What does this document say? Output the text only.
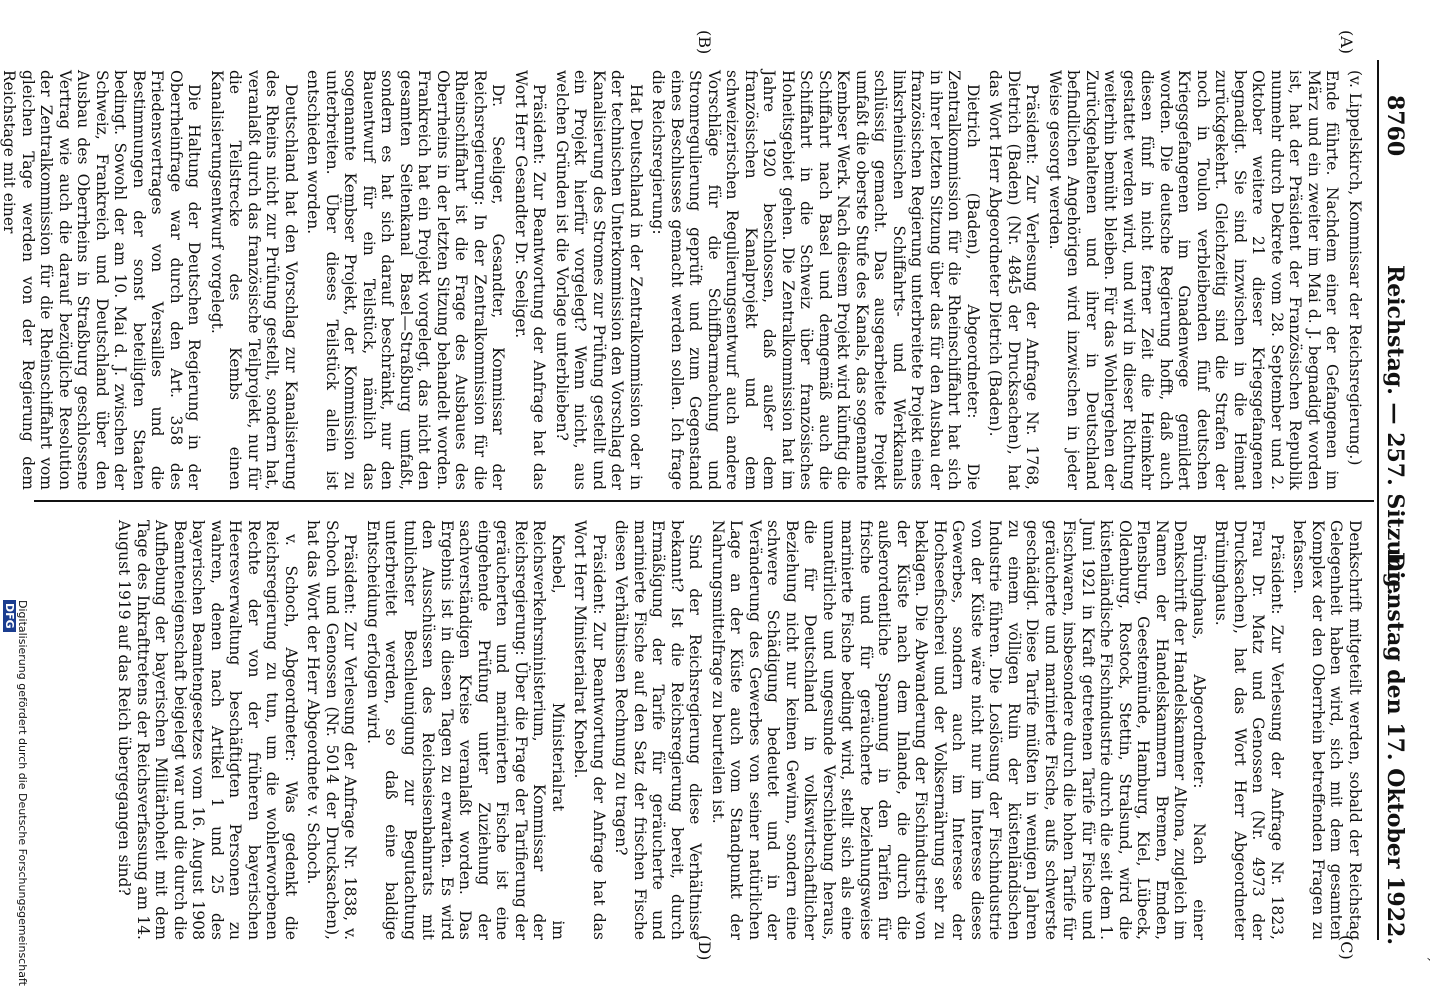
´
8760
Reichstag. — 257. Sitzung.
Dienstag den 17. Oktober 1922.
(A)
(B)
(C)
(D)

(v. Lippelskirch, Kommissar der Reichsregierung.)

Ende führte. Nachdem einer der Gefangenen im März und ein zweiter im Mai d. J. begnadigt worden ist, hat der Präsident der Französischen Republik nunmehr durch Dekrete vom 28. September und 2. Oktober weitere 21 dieser Kriegsgefangenen begnadigt. Sie sind inzwischen in die Heimat zurückgekehrt. Gleichzeitig sind die Strafen der noch in Toulon verbleibenden fünf deutschen Kriegsgefangenen im Gnadenwege gemildert worden. Die deutsche Regierung hofft, daß auch diesen fünf in nicht ferner Zeit die Heimkehr gestattet werden wird, und wird in dieser Richtung weiterhin bemüht bleiben. Für das Wohlergehen der Zurückgehaltenen und ihrer in Deutschland befindlichen Angehörigen wird inzwischen in jeder Weise gesorgt werden.

Präsident: Zur Verlesung der Anfrage Nr. 1768, Dietrich (Baden) (Nr. 4845 der Drucksachen), hat das Wort Herr Abgeordneter Dietrich (Baden).

Dietrich (Baden), Abgeordneter: Die Zentralkommission für die Rheinschiffahrt hat sich in ihrer letzten Sitzung über das für den Ausbau der französischen Regierung unterbreitete Projekt eines linksrheinischen Schiffahrts- und Werkkanals schlüssig gemacht. Das ausgearbeitete Projekt umfaßt die oberste Stufe des Kanals, das sogenannte Kembser Werk. Nach diesem Projekt wird künftig die Schiffahrt nach Basel und demgemäß auch die Schiffahrt in die Schweiz über französisches Hoheitsgebiet gehen. Die Zentralkommission hat im Jahre 1920 beschlossen, daß außer dem französischen Kanalprojekt und dem schweizerischen Regulierungsentwurf auch andere Vorschläge für die Schiffbarmachung und Stromregulierung geprüft und zum Gegenstand eines Beschlusses gemacht werden sollen. Ich frage die Reichsregierung:

Hat Deutschland in der Zentralkommission oder in der technischen Unterkommission den Vorschlag der Kanalisierung des Stromes zur Prüfung gestellt und ein Projekt hierfür vorgelegt? Wenn nicht, aus welchen Gründen ist die Vorlage unterblieben?

Präsident: Zur Beantwortung der Anfrage hat das Wort Herr Gesandter Dr. Seeliger.

Dr. Seeliger, Gesandter, Kommissar der Reichsregierung: In der Zentralkommission für die Rheinschiffahrt ist die Frage des Ausbaues des Oberrheins in der letzten Sitzung behandelt worden. Frankreich hat ein Projekt vorgelegt, das nicht den gesamten Seitenkanal Basel—Straßburg umfaßt, sondern es hat sich darauf beschränkt, nur den Bauentwurf für ein Teilstück, nämlich das sogenannte Kembser Projekt, der Kommission zu unterbreiten. Über dieses Teilstück allein ist entschieden worden.

Deutschland hat den Vorschlag zur Kanalisierung des Rheins nicht zur Prüfung gestellt, sondern hat, veranlaßt durch das französische Teilprojekt, nur für die Teilstrecke des Kembs einen Kanalisierungsentwurf vorgelegt.

Die Haltung der Deutschen Regierung in der Oberrheinfrage war durch den Art. 358 des Friedensvertrages von Versailles und die Bestimmungen der sonst beteiligten Staaten bedingt. Sowohl der am 10. Mai d. J. zwischen der Schweiz, Frankreich und Deutschland über den Ausbau des Oberrheins in Straßburg geschlossene Vertrag wie auch die darauf bezügliche Resolution der Zentralkommission für die Rheinschiffahrt vom gleichen Tage werden von der Regierung dem Reichstage mit einer

Denkschrift mitgeteilt werden, sobald der Reichstag Gelegenheit haben wird, sich mit dem gesamten Komplex der den Oberrhein betreffenden Fragen zu befassen.

Präsident: Zur Verlesung der Anfrage Nr. 1823, Frau Dr. Matz und Genossen (Nr. 4973 der Drucksachen), hat das Wort Herr Abgeordneter Brüninghaus.

Brüninghaus, Abgeordneter: Nach einer Denkschrift der Handelskammer Altona, zugleich im Namen der Handelskammern Bremen, Emden, Flensburg, Geestemünde, Hamburg, Kiel, Lübeck, Oldenburg, Rostock, Stettin, Stralsund, wird die küstenländische Fischindustrie durch die seit dem 1. Juni 1921 in Kraft getretenen Tarife für Fische und Fischwaren, insbesondere durch die hohen Tarife für geräucherte und marinierte Fische, aufs schwerste geschädigt. Diese Tarife müßten in wenigen Jahren zu einem völligen Ruin der küstenländischen Industrie führen. Die Loslösung der Fischindustrie von der Küste wäre nicht nur im Interesse dieses Gewerbes, sondern auch im Interesse der Hochseefischerei und der Volksernährung sehr zu beklagen. Die Abwanderung der Fischindustrie von der Küste nach dem Inlande, die durch die außerordentliche Spannung in den Tarifen für frische und für geräucherte beziehungsweise marinierte Fische bedingt wird, stellt sich als eine unnatürliche und ungesunde Verschiebung heraus, die für Deutschland in volkswirtschaftlicher Beziehung nicht nur keinen Gewinn, sondern eine schwere Schädigung bedeutet und in der Veränderung des Gewerbes von seiner natürlichen Lage an der Küste auch vom Standpunkt der Nahrungsmittelfrage zu beurteilen ist.

Sind der Reichsregierung diese Verhältnisse bekannt? Ist die Reichsregierung bereit, durch Ermäßigung der Tarife für geräucherte und marinierte Fische auf den Satz der frischen Fische diesen Verhältnissen Rechnung zu tragen?

Präsident: Zur Beantwortung der Anfrage hat das Wort Herr Ministerialrat Knebel.

Knebel, Ministerialrat im Reichsverkehrsministerium, Kommissar der Reichsregierung: Über die Frage der Tarifierung der geräucherten und marinierten Fische ist eine eingehende Prüfung unter Zuziehung der sachverständigen Kreise veranlaßt worden. Das Ergebnis ist in diesen Tagen zu erwarten. Es wird den Ausschüssen des Reichseisenbahnrats mit tunlichster Beschleunigung zur Begutachtung unterbreitet werden, so daß eine baldige Entscheidung erfolgen wird.

Präsident: Zur Verlesung der Anfrage Nr. 1838, v. Schoch und Genossen (Nr. 5014 der Drucksachen), hat das Wort der Herr Abgeordnete v. Schoch.

v. Schoch, Abgeordneter: Was gedenkt die Reichsregierung zu tun, um die wohlerworbenen Rechte der von der früheren bayerischen Heeresverwaltung beschäftigten Personen zu wahren, denen nach Artikel 1 und 25 des bayerischen Beamtengesetzes vom 16. August 1908 Beamteneigenschaft beigelegt war und die durch die Aufhebung der bayerischen Militärhoheit mit dem Tage des Inkrafttretens der Reichsverfassung am 14. August 1919 auf das Reich übergegangen sind?

Digitalisierung gefördert durch die Deutsche Forschungsgemeinschaft DFG
